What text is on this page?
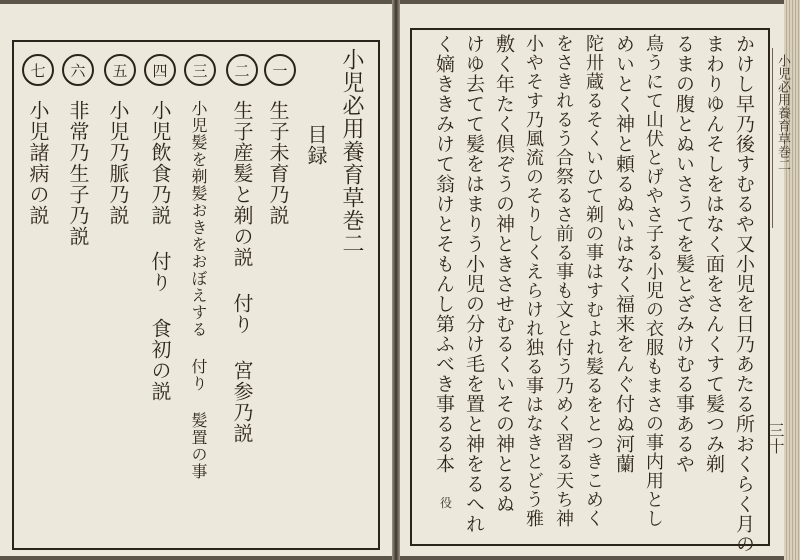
一
二
三
四
五
六
七	小児必用養育草巻二
目録
生子未育乃説
生子産髪と剃の説 付り 宮参乃説
小児髪を剃髪おきをおぼえする 付り 髪置の事
小児飲食乃説 付り 食初の説
小児乃脈乃説
非常乃生子乃説
小児諸病の説	小児必用養育草巻二
三十
かけし早乃後すむるや又小児を日乃あたる所おくらく月の
まわりゆんそしをはなく面をさんくすて髪つみ剃
るまの腹とぬいさうてを髪とざみけむる事あるや
鳥うにて山伏とげやさ子る小児の衣服もまさの事内用とし
めいとく神と頼るぬいはなく福来をんぐ付ぬ河蘭
陀卅蔵るそくいひて剃の事はすむよれ髪るをとつきこめく
をさきれるう合祭るさ前る事も文と付う乃めく習る天ち神
小やそす乃風流のそりしくえらけれ独る事はなきとどう雅
敷く年たく倶ぞうの神ときさせむるくいその神とるぬ
けゆ去てて髪をはまりう小児の分け毛を置と神をるへれ
く嫡ききみけて翁けとそもんし第ふべき事るる本
役
